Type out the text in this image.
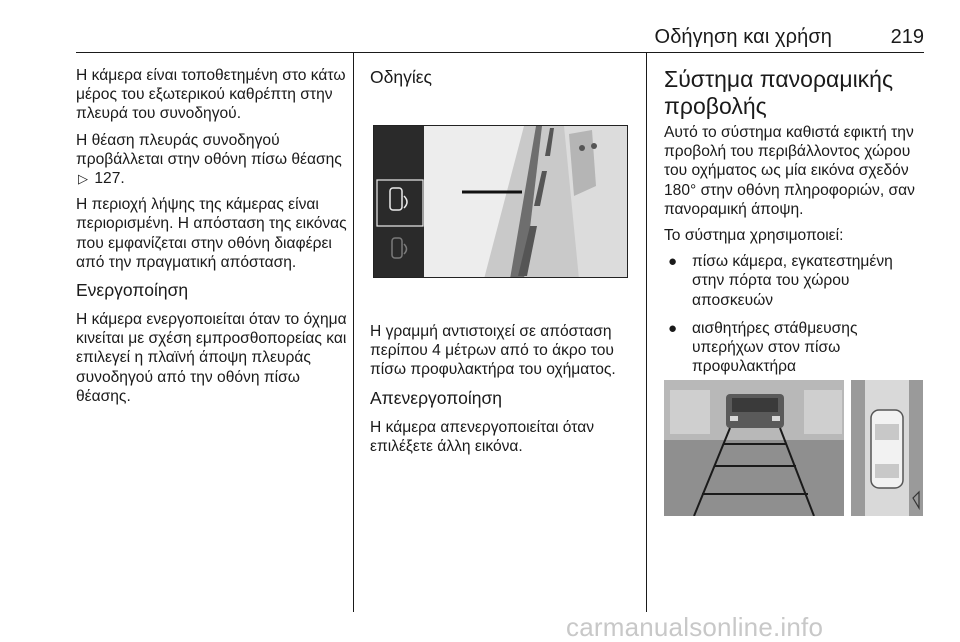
Οδήγηση και χρήση	219

Η κάμερα είναι τοποθετημένη στο κάτω μέρος του εξωτερικού καθρέπτη στην πλευρά του συνοδηγού.

Η θέαση πλευράς συνοδηγού προβάλλεται στην οθόνη πίσω θέασης ▷ 127.

Η περιοχή λήψης της κάμερας είναι περιορισμένη. Η απόσταση της εικόνας που εμφανίζεται στην οθόνη διαφέρει από την πραγματική απόσταση.

Ενεργοποίηση

Η κάμερα ενεργοποιείται όταν το όχημα κινείται με σχέση εμπροσθοπορείας και επιλεγεί η πλαϊνή άποψη πλευράς συνοδηγού από την οθόνη πίσω θέασης.

Οδηγίες

Η γραμμή αντιστοιχεί σε απόσταση περίπου 4 μέτρων από το άκρο του πίσω προφυλακτήρα του οχήματος.

Απενεργοποίηση

Η κάμερα απενεργοποιείται όταν επιλέξετε άλλη εικόνα.

Σύστημα πανοραμικής προβολής

Αυτό το σύστημα καθιστά εφικτή την προβολή του περιβάλλοντος χώρου του οχήματος ως μία εικόνα σχεδόν 180° στην οθόνη πληροφοριών, σαν πανοραμική άποψη.

Το σύστημα χρησιμοποιεί:

● πίσω κάμερα, εγκατεστημένη στην πόρτα του χώρου αποσκευών
● αισθητήρες στάθμευσης υπερήχων στον πίσω προφυλακτήρα
carmanualsonline.info
